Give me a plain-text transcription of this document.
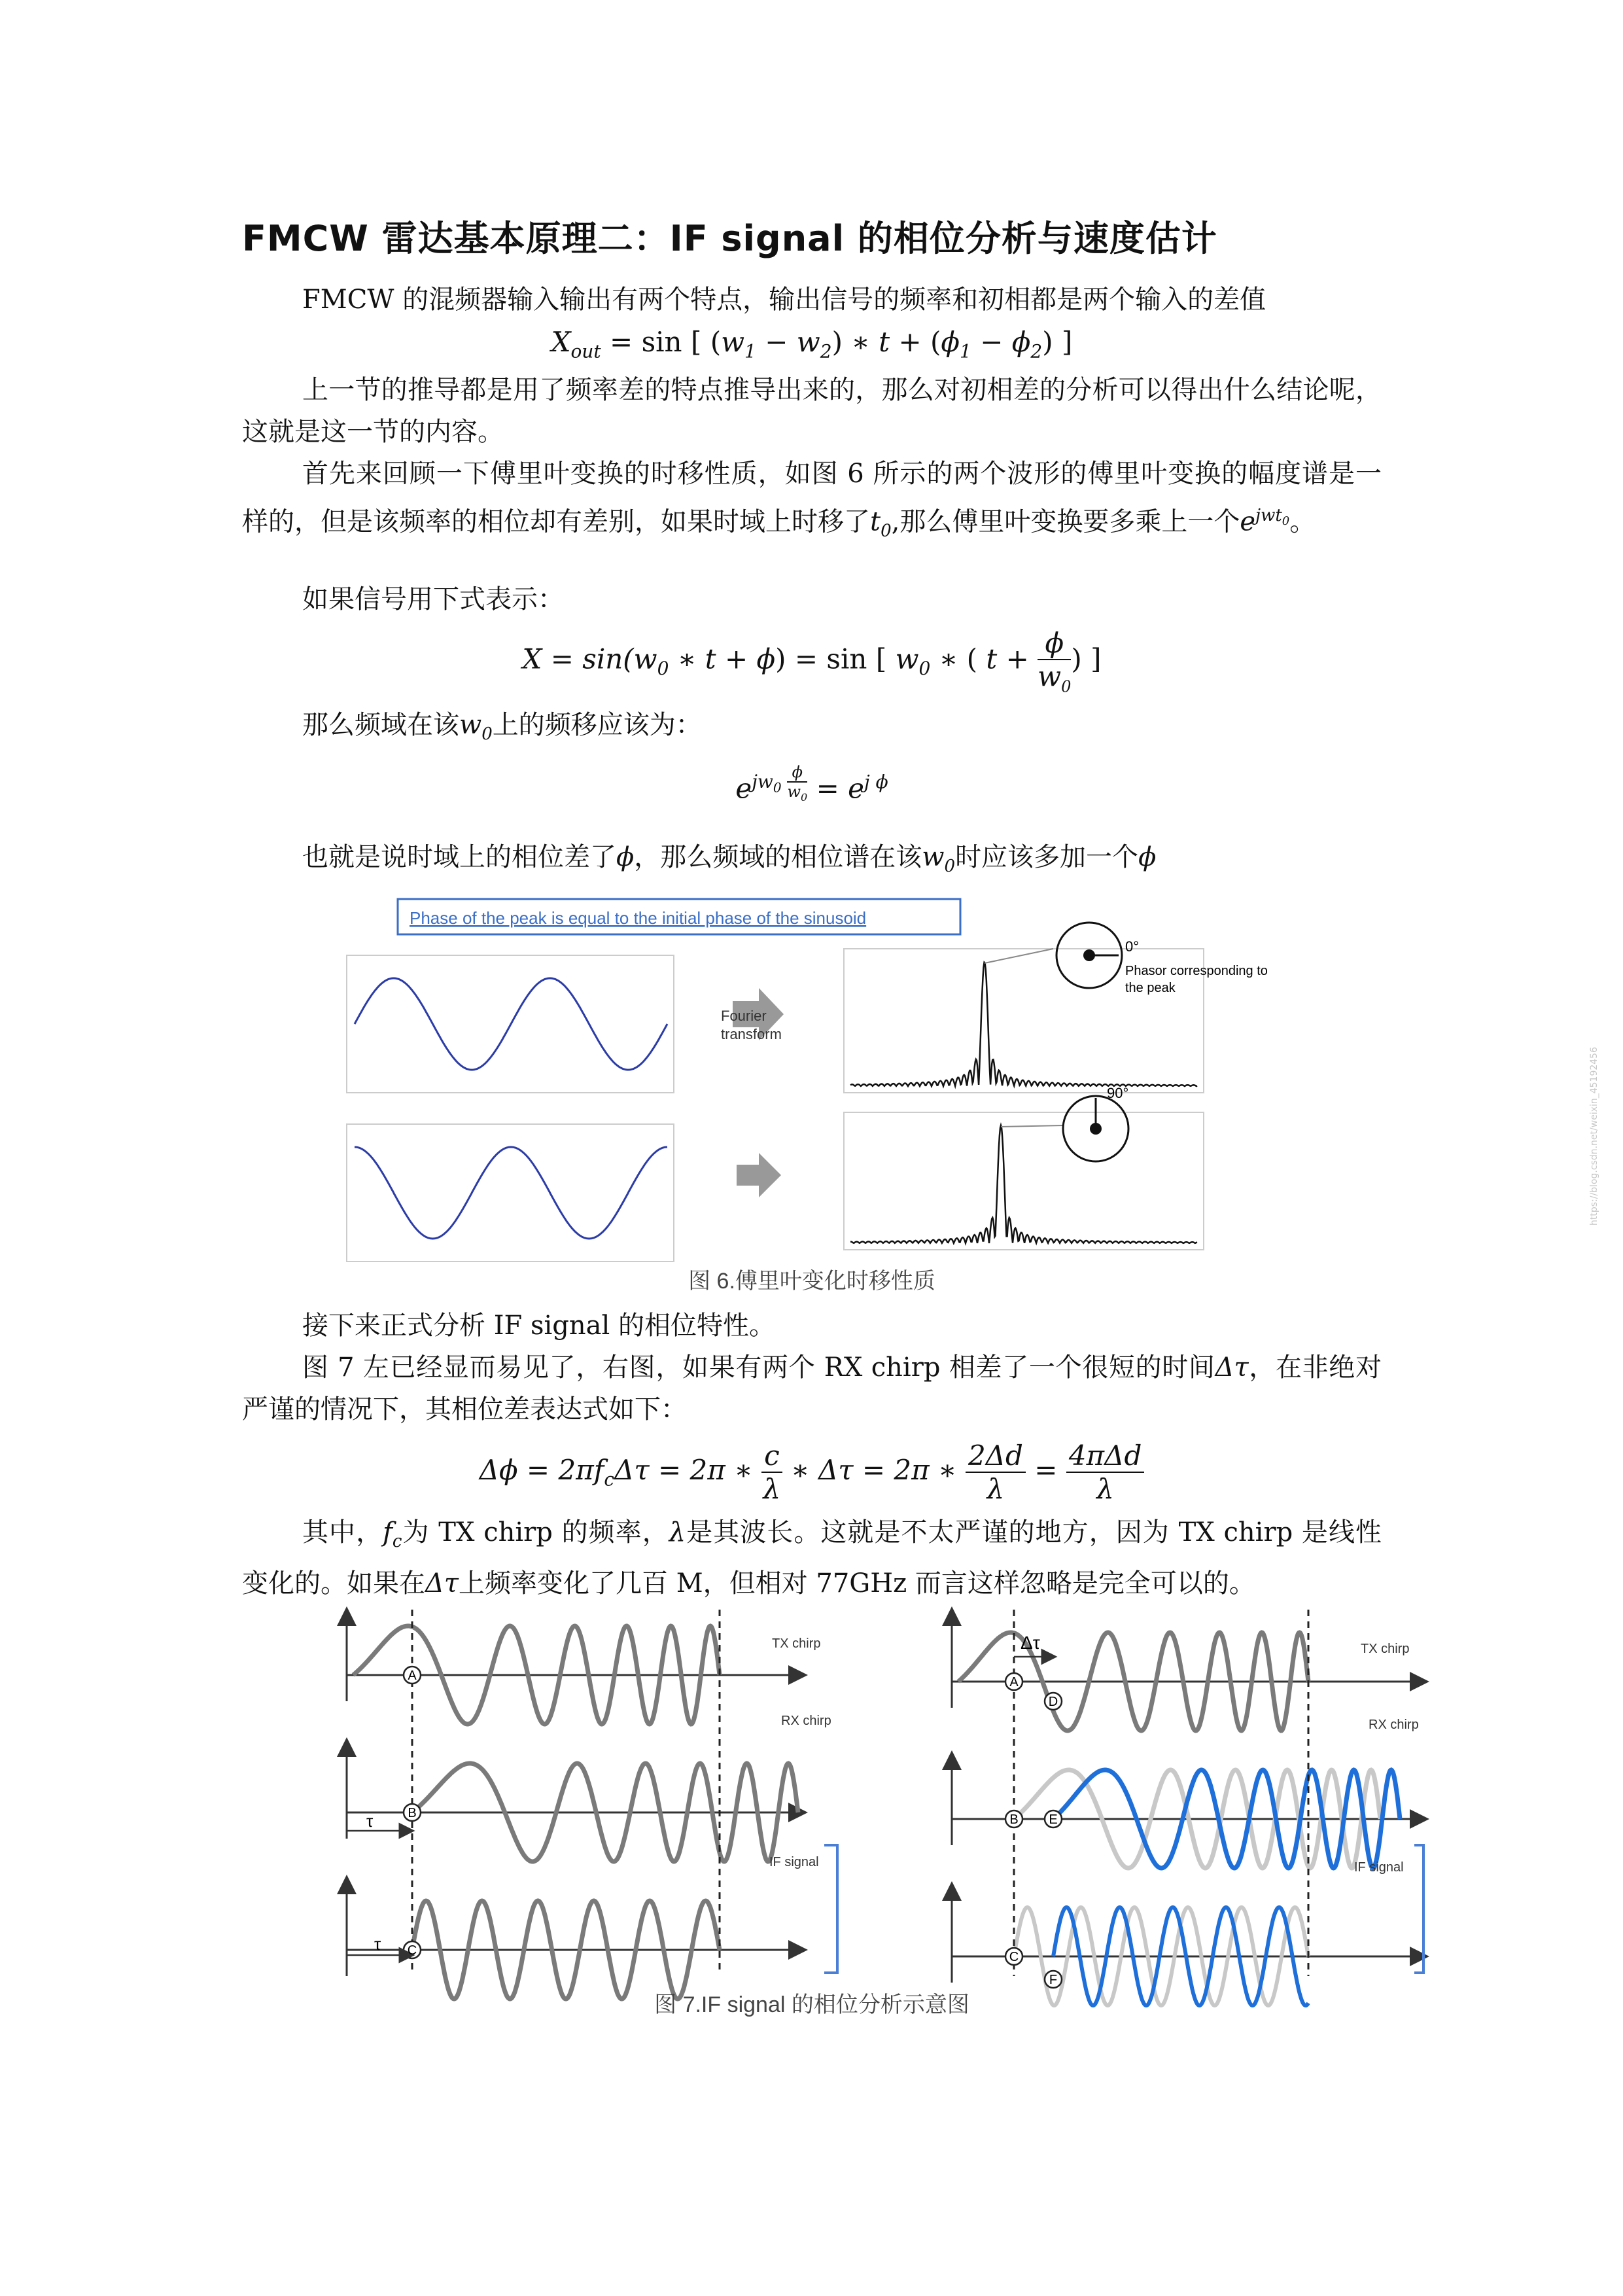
FMCW 雷达基本原理二：IF signal 的相位分析与速度估计
FMCW 的混频器输入输出有两个特点，输出信号的频率和初相都是两个输入的差值
$X_{out} = \sin$ [ $(w_1 - w_2)$ ∗ $t + (\phi_1 - \phi_2)$ ]
上一节的推导都是用了频率差的特点推导出来的，那么对初相差的分析可以得出什么结论呢，这就是这一节的内容。
首先来回顾一下傅里叶变换的时移性质，如图 6 所示的两个波形的傅里叶变换的幅度谱是一样的，但是该频率的相位却有差别，如果时域上时移了$t_0$,那么傅里叶变换要多乘上一个$e^{jwt_0}$。
如果信号用下式表示：
$X = \sin(w_0$ ∗ t + ϕ) = sin [ $w_0$ ∗ ( $t + \frac{\phi}{w_0}$ ) ]
那么频域在该$w_0$上的频移应该为：
$e^{jw_0 \frac{\phi}{w_0}} = e^{j \phi}$
也就是说时域上的相位差了ϕ，那么频域的相位谱在该$w_0$时应该多加一个ϕ
Phase of the peak is equal to the initial phase of the sinusoid
Fourier
transform
0°
Phasor corresponding to
the peak
90°
图 6.傅里叶变化时移性质
接下来正式分析 IF signal 的相位特性。
图 7 左已经显而易见了，右图，如果有两个 RX chirp 相差了一个很短的时间Δτ，在非绝对严谨的情况下，其相位差表达式如下：
$\Delta\phi = 2\pi f_c\Delta\tau = 2\pi$ ∗ $\frac{c}{\lambda}$ ∗ Δτ = 2π ∗ $\frac{2\Delta d}{\lambda} = 4\pi\Delta d$
λ
其中，$f_c$为 TX chirp 的频率，λ是其波长。这就是不太严谨的地方，因为 TX chirp 是线性变化的。如果在Δτ上频率变化了几百 M，但相对 77GHz 而言这样忽略是完全可以的。
TX chirp
RX chirp
IF signal
τ
τ
TX chirp
RX chirp
IF signal
Δτ
A
B
C
A
D
B E
C
F
图 7.IF signal 的相位分析示意图
https://blog.csdn.net/weixin_45192456
